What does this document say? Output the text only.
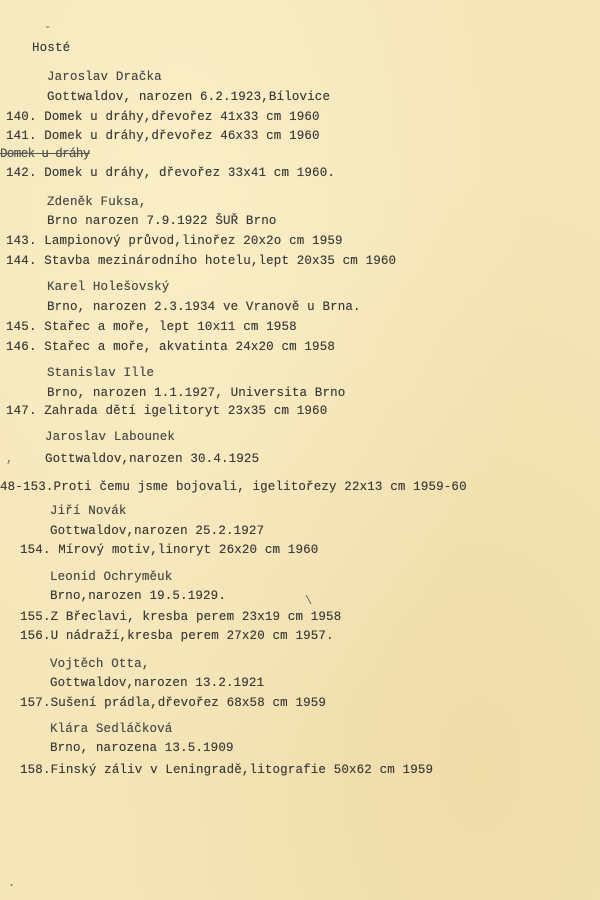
Hosté
Jaroslav Dračka
Gottwaldov, narozen 6.2.1923,Bílovice
140. Domek u dráhy,dřevořez 41x33 cm 1960
141. Domek u dráhy,dřevořez 46x33 cm 1960
Domek u dráhy
142. Domek u dráhy, dřevořez 33x41 cm 1960.
Zdeněk Fuksa,
Brno narozen 7.9.1922 ŠUŘ Brno
143. Lampionový průvod,linořez 20x2o cm 1959
144. Stavba mezinárodního hotelu,lept 20x35 cm 1960
Karel Holešovský
Brno, narozen 2.3.1934 ve Vranově u Brna.
145. Stařec a moře, lept 10x11 cm 1958
146. Stařec a moře, akvatinta 24x20 cm 1958
Stanislav Ille
Brno, narozen 1.1.1927, Universita Brno
147. Zahrada dětí igelitoryt 23x35 cm 1960
Jaroslav Labounek
Gottwaldov,narozen 30.4.1925
48-153.Proti čemu jsme bojovali, igelitořezy 22x13 cm 1959-60
Jiří Novák
Gottwaldov,narozen 25.2.1927
154. Mírový motiv,linoryt 26x20 cm 1960
Leonid Ochryměuk
Brno,narozen 19.5.1929.
155.Z Břeclavi, kresba perem 23x19 cm 1958
156.U nádraží,kresba perem 27x20 cm 1957.
Vojtěch Otta,
Gottwaldov,narozen 13.2.1921
157.Sušení prádla,dřevořez 68x58 cm 1959
Klára Sedláčková
Brno, narozena 13.5.1909
158.Finský záliv v Leningradě,litografie 50x62 cm 1959
-
,
\
.
